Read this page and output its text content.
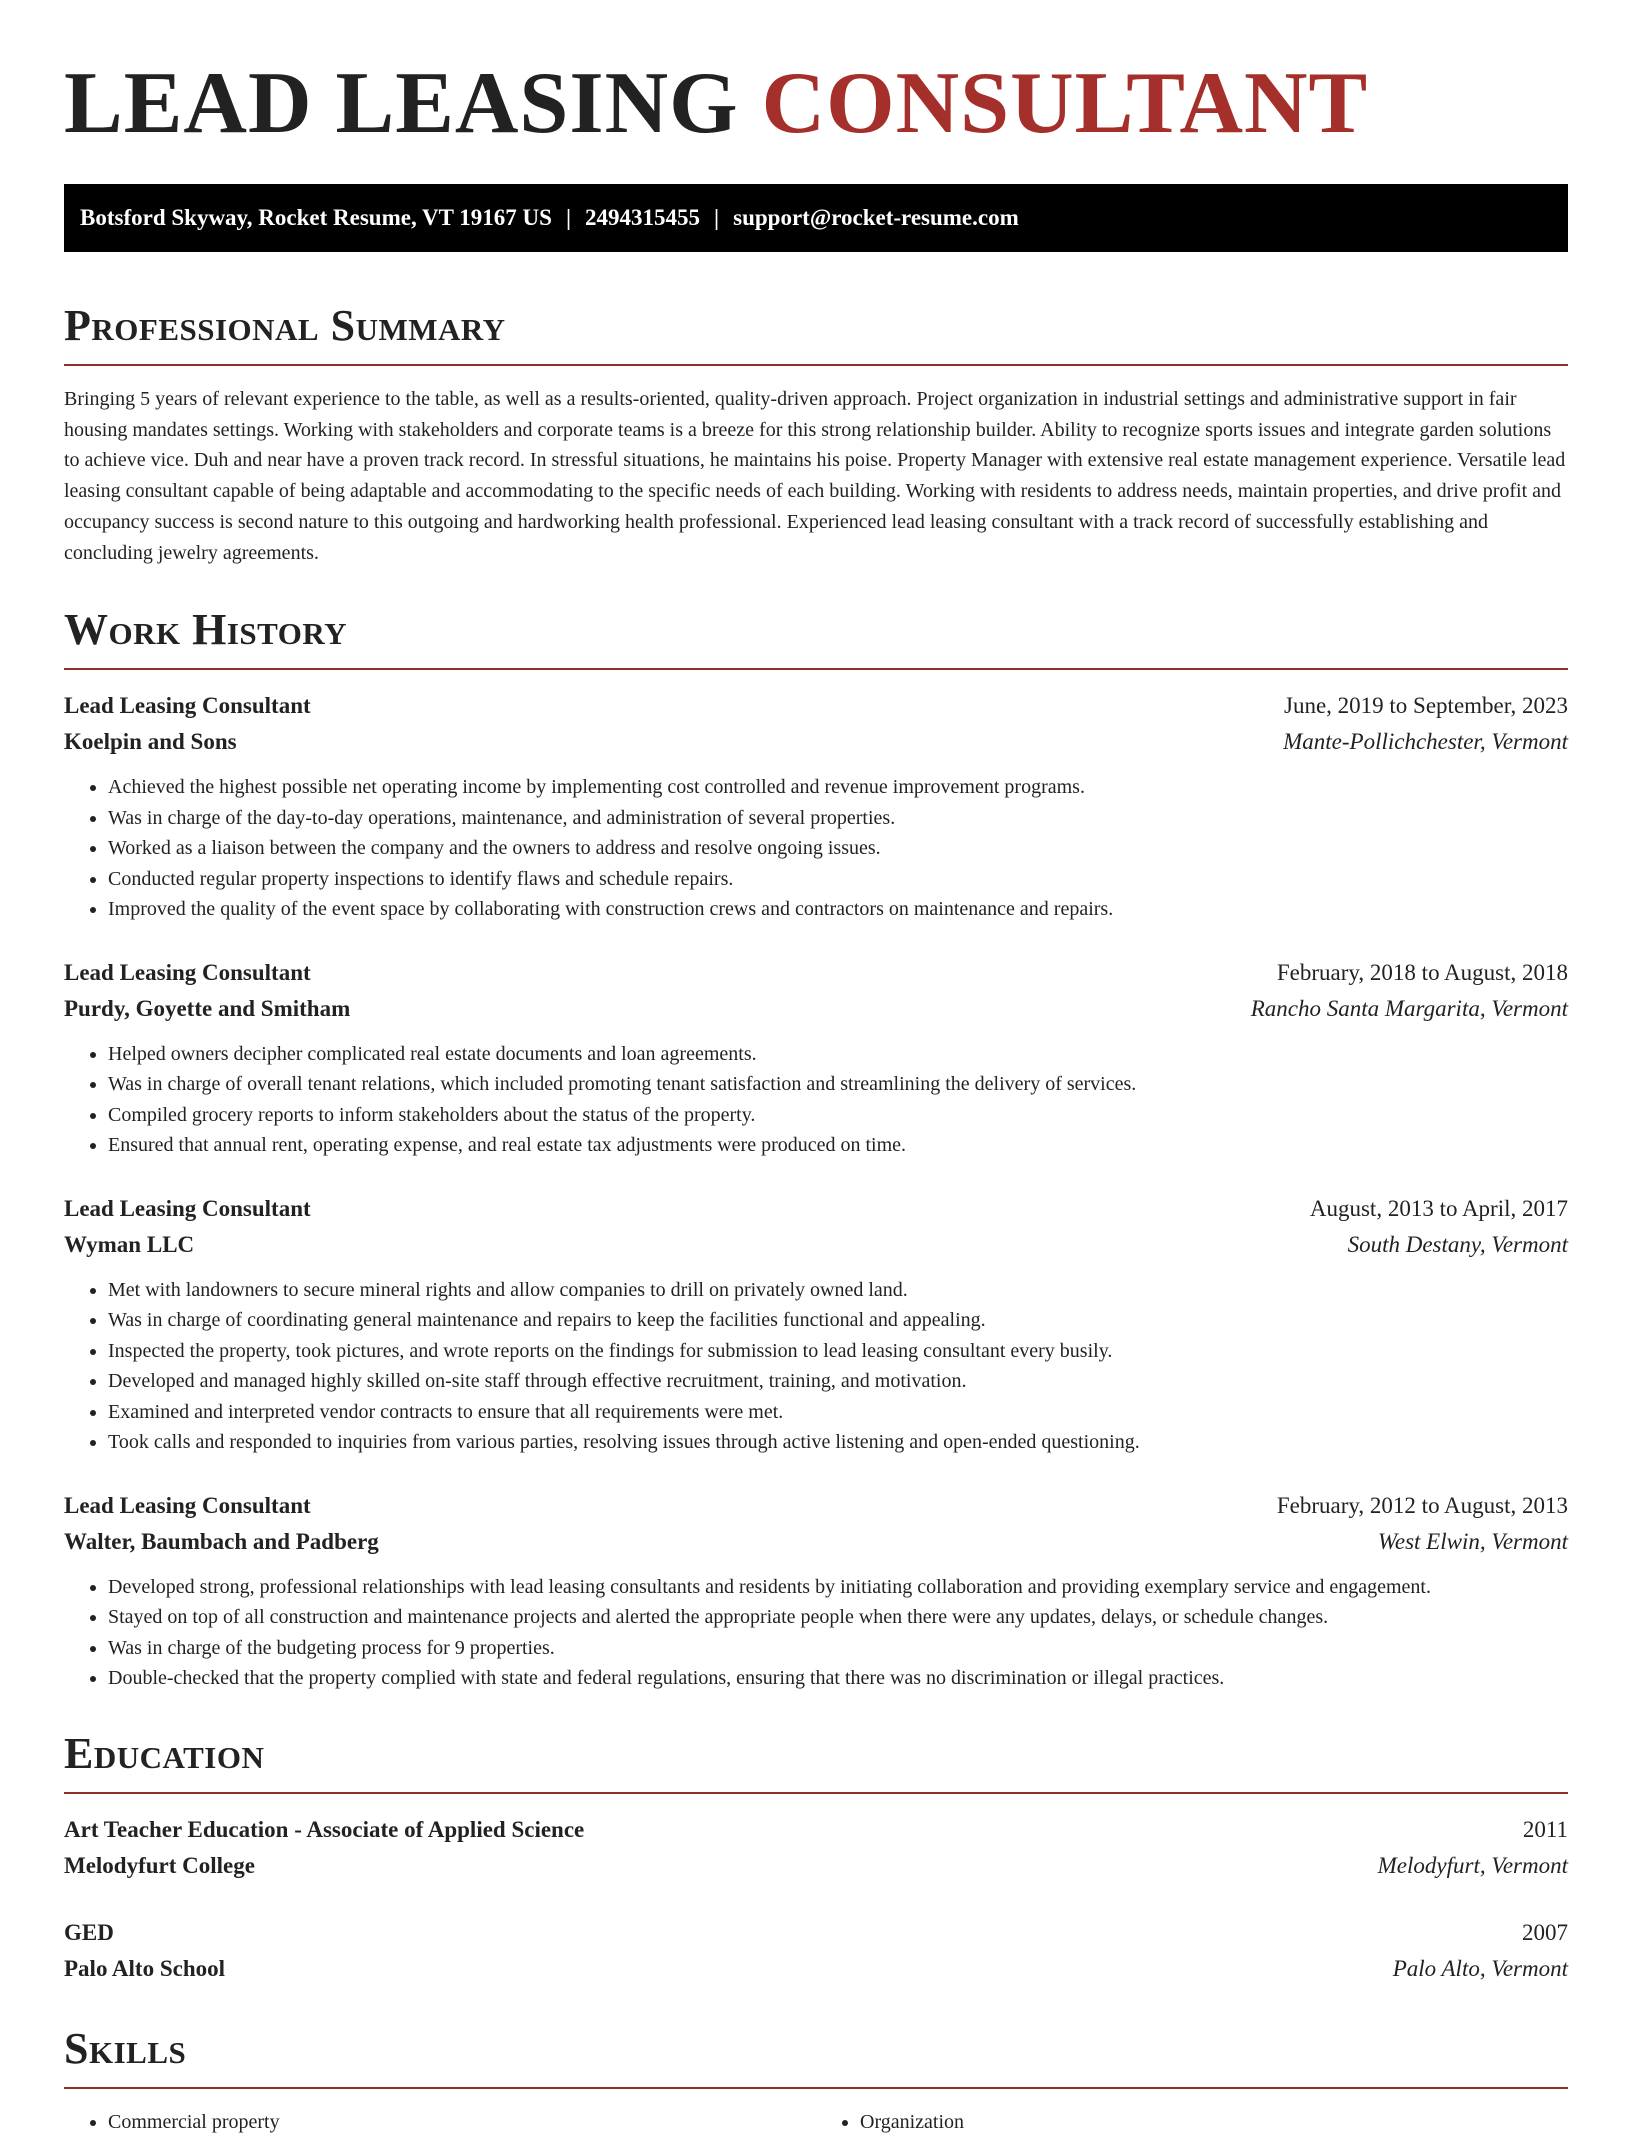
LEAD LEASING CONSULTANT
Botsford Skyway, Rocket Resume, VT 19167 US | 2494315455 | support@rocket-resume.com
Professional Summary

Bringing 5 years of relevant experience to the table, as well as a results-oriented, quality-driven approach. Project organization in industrial settings and administrative support in fair housing mandates settings. Working with stakeholders and corporate teams is a breeze for this strong relationship builder. Ability to recognize sports issues and integrate garden solutions to achieve vice. Duh and near have a proven track record. In stressful situations, he maintains his poise. Property Manager with extensive real estate management experience. Versatile lead leasing consultant capable of being adaptable and accommodating to the specific needs of each building. Working with residents to address needs, maintain properties, and drive profit and occupancy success is second nature to this outgoing and hardworking health professional. Experienced lead leasing consultant with a track record of successfully establishing and concluding jewelry agreements.

Work History
Lead Leasing Consultant	June, 2019 to September, 2023
Koelpin and Sons	Mante-Pollichchester, Vermont
• Achieved the highest possible net operating income by implementing cost controlled and revenue improvement programs.
• Was in charge of the day-to-day operations, maintenance, and administration of several properties.
• Worked as a liaison between the company and the owners to address and resolve ongoing issues.
• Conducted regular property inspections to identify flaws and schedule repairs.
• Improved the quality of the event space by collaborating with construction crews and contractors on maintenance and repairs.
Lead Leasing Consultant	February, 2018 to August, 2018
Purdy, Goyette and Smitham	Rancho Santa Margarita, Vermont
• Helped owners decipher complicated real estate documents and loan agreements.
• Was in charge of overall tenant relations, which included promoting tenant satisfaction and streamlining the delivery of services.
• Compiled grocery reports to inform stakeholders about the status of the property.
• Ensured that annual rent, operating expense, and real estate tax adjustments were produced on time.
Lead Leasing Consultant	August, 2013 to April, 2017
Wyman LLC	South Destany, Vermont
• Met with landowners to secure mineral rights and allow companies to drill on privately owned land.
• Was in charge of coordinating general maintenance and repairs to keep the facilities functional and appealing.
• Inspected the property, took pictures, and wrote reports on the findings for submission to lead leasing consultant every busily.
• Developed and managed highly skilled on-site staff through effective recruitment, training, and motivation.
• Examined and interpreted vendor contracts to ensure that all requirements were met.
• Took calls and responded to inquiries from various parties, resolving issues through active listening and open-ended questioning.
Lead Leasing Consultant	February, 2012 to August, 2013
Walter, Baumbach and Padberg	West Elwin, Vermont
• Developed strong, professional relationships with lead leasing consultants and residents by initiating collaboration and providing exemplary service and engagement.
• Stayed on top of all construction and maintenance projects and alerted the appropriate people when there were any updates, delays, or schedule changes.
• Was in charge of the budgeting process for 9 properties.
• Double-checked that the property complied with state and federal regulations, ensuring that there was no discrimination or illegal practices.
Education
Art Teacher Education - Associate of Applied Science	2011
Melodyfurt College	Melodyfurt, Vermont
GED	2007
Palo Alto School	Palo Alto, Vermont
Skills
• Commercial property
•	Organization
